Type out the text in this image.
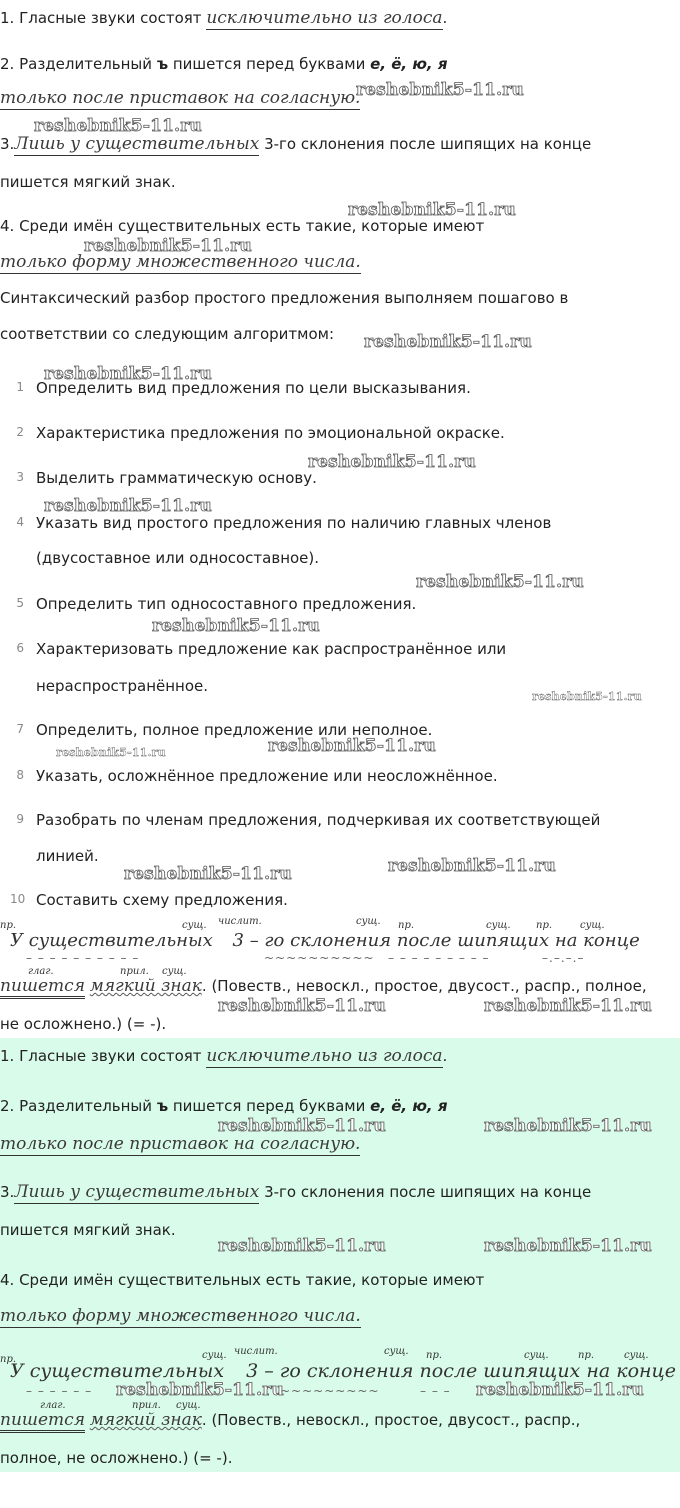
1. Гласные звуки состоят исключительно из голоса.
2. Разделительный ъ пишется перед буквами е, ё, ю, я
только после приставок на согласную.
reshebnik5-11.ru
reshebnik5-11.ru
3.Лишь у существительных 3-го склонения после шипящих на конце
пишется мягкий знак.
reshebnik5-11.ru
4. Среди имён существительных есть такие, которые имеют
reshebnik5-11.ru
только форму множественного числа.
Синтаксический разбор простого предложения выполняем пошагово в
соответствии со следующим алгоритмом: reshebnik5-11.ru
reshebnik5-11.ru
1 Определить вид предложения по цели высказывания.
2 Характеристика предложения по эмоциональной окраске.
reshebnik5-11.ru
3 Выделить грамматическую основу.
reshebnik5-11.ru
4 Указать вид простого предложения по наличию главных членов
(двусоставное или односоставное).
reshebnik5-11.ru
5 Определить тип односоставного предложения.
reshebnik5-11.ru
6 Характеризовать предложение как распространённое или
нераспространённое.
reshebnik5-11.ru
7 Определить, полное предложение или неполное.
reshebnik5-11.ru
reshebnik5-11.ru
8 Указать, осложнённое предложение или неосложнённое.
9 Разобрать по членам предложения, подчеркивая их соответствующей
линией.	reshebnik5-11.ru
reshebnik5-11.ru
10 Составить схему предложения.
пр.	сущ. числит.	сущ. пр.	сущ.	пр.	сущ.
У существительных 3 – го склонения после шипящих на конце
– – – – – – – – – –	~~~~~~~~~~ – – – – – – – – –	–.–.–.–
глаг.	прил. сущ.
пишется мягкий знак. (Повеств., невоскл., простое, двусост., распр., полное,
reshebnik5-11.ru	reshebnik5-11.ru
не осложнено.) (= -).
1. Гласные звуки состоят исключительно из голоса.
2. Разделительный ъ пишется перед буквами е, ё, ю, я
reshebnik5-11.ru	reshebnik5-11.ru
только после приставок на согласную.
3.Лишь у существительных 3-го склонения после шипящих на конце
пишется мягкий знак.
reshebnik5-11.ru	reshebnik5-11.ru
4. Среди имён существительных есть такие, которые имеют
только форму множественного числа.
пр.	сущ. числит.	сущ. пр.	сущ.	пр.	сущ.
У существительных 3 – го склонения после шипящих на конце
– – – – – – reshebnik5-11.ru
~~~~~~~~~	– – – reshebnik5-11.ru
глаг.	прил. сущ.
пишется мягкий знак. (Повеств., невоскл., простое, двусост., распр.,
полное, не осложнено.) (= -).
